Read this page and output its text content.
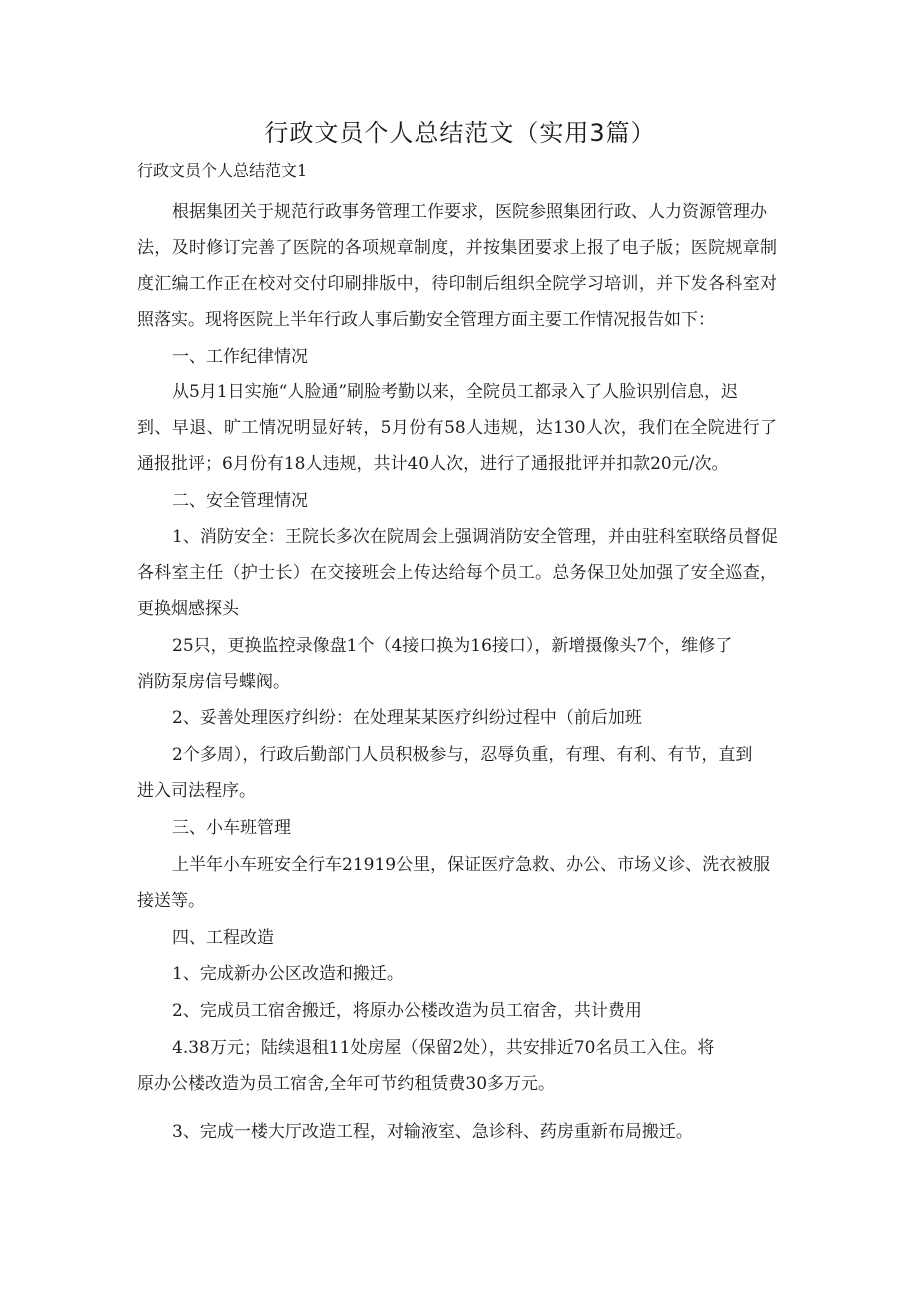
行政文员个人总结范文（实用3篇）

行政文员个人总结范文1

根据集团关于规范行政事务管理工作要求，医院参照集团行政、人力资源管理办

法，及时修订完善了医院的各项规章制度，并按集团要求上报了电子版；医院规章制

度汇编工作正在校对交付印刷排版中，待印制后组织全院学习培训，并下发各科室对

照落实。现将医院上半年行政人事后勤安全管理方面主要工作情况报告如下：

一、工作纪律情况

从5月1日实施“人脸通”刷脸考勤以来，全院员工都录入了人脸识别信息，迟

到、早退、旷工情况明显好转，5月份有58人违规，达130人次，我们在全院进行了

通报批评；6月份有18人违规，共计40人次，进行了通报批评并扣款20元/次。

二、安全管理情况

1、消防安全：王院长多次在院周会上强调消防安全管理，并由驻科室联络员督促

各科室主任（护士长）在交接班会上传达给每个员工。总务保卫处加强了安全巡查，

更换烟感探头

25只，更换监控录像盘1个（4接口换为16接口），新增摄像头7个，维修了

消防泵房信号蝶阀。

2、妥善处理医疗纠纷：在处理某某医疗纠纷过程中（前后加班

2个多周），行政后勤部门人员积极参与，忍辱负重，有理、有利、有节，直到

进入司法程序。

三、小车班管理

上半年小车班安全行车21919公里，保证医疗急救、办公、市场义诊、洗衣被服

接送等。

四、工程改造

1、完成新办公区改造和搬迁。

2、完成员工宿舍搬迁，将原办公楼改造为员工宿舍，共计费用

4.38万元；陆续退租11处房屋（保留2处），共安排近70名员工入住。将

原办公楼改造为员工宿舍,全年可节约租赁费30多万元。

3、完成一楼大厅改造工程，对输液室、急诊科、药房重新布局搬迁。
